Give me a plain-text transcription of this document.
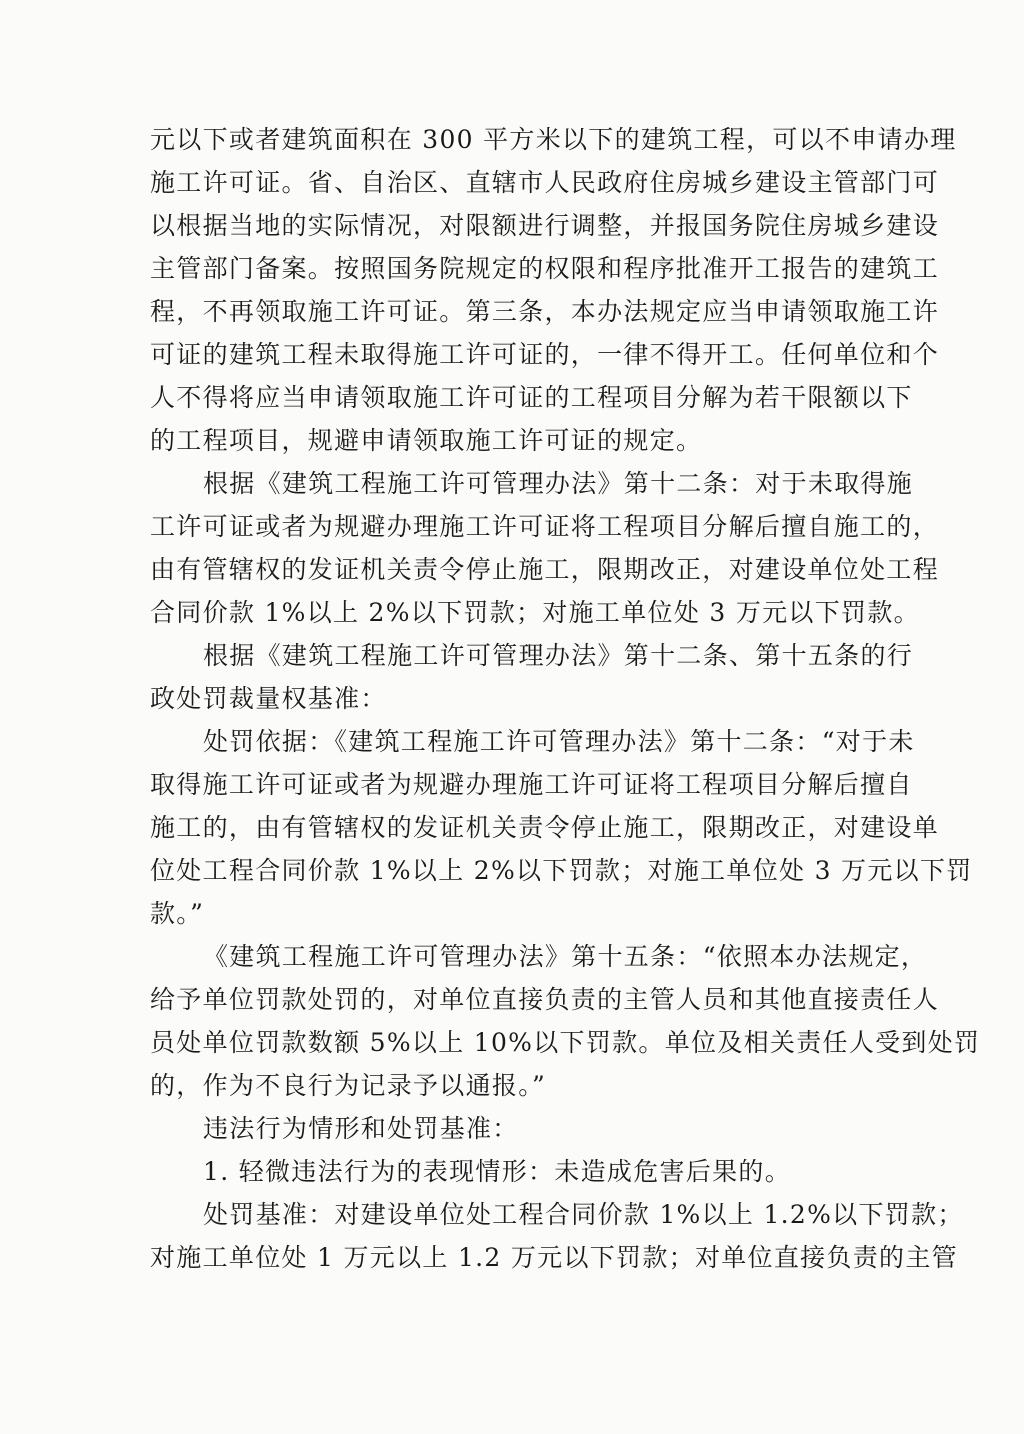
元以下或者建筑面积在 300 平方米以下的建筑工程，可以不申请办理
施工许可证。省、自治区、直辖市人民政府住房城乡建设主管部门可
以根据当地的实际情况，对限额进行调整，并报国务院住房城乡建设
主管部门备案。按照国务院规定的权限和程序批准开工报告的建筑工
程，不再领取施工许可证。第三条，本办法规定应当申请领取施工许
可证的建筑工程未取得施工许可证的，一律不得开工。任何单位和个
人不得将应当申请领取施工许可证的工程项目分解为若干限额以下
的工程项目，规避申请领取施工许可证的规定。
根据《建筑工程施工许可管理办法》第十二条：对于未取得施
工许可证或者为规避办理施工许可证将工程项目分解后擅自施工的，
由有管辖权的发证机关责令停止施工，限期改正，对建设单位处工程
合同价款 1%以上 2%以下罚款；对施工单位处 3 万元以下罚款。
根据《建筑工程施工许可管理办法》第十二条、第十五条的行
政处罚裁量权基准：
处罚依据：《建筑工程施工许可管理办法》第十二条：“对于未
取得施工许可证或者为规避办理施工许可证将工程项目分解后擅自
施工的，由有管辖权的发证机关责令停止施工，限期改正，对建设单
位处工程合同价款 1%以上 2%以下罚款；对施工单位处 3 万元以下罚
款。”
《建筑工程施工许可管理办法》第十五条：“依照本办法规定，
给予单位罚款处罚的，对单位直接负责的主管人员和其他直接责任人
员处单位罚款数额 5%以上 10%以下罚款。单位及相关责任人受到处罚
的，作为不良行为记录予以通报。”
违法行为情形和处罚基准：
1. 轻微违法行为的表现情形：未造成危害后果的。
处罚基准：对建设单位处工程合同价款 1%以上 1.2%以下罚款；
对施工单位处 1 万元以上 1.2 万元以下罚款；对单位直接负责的主管
